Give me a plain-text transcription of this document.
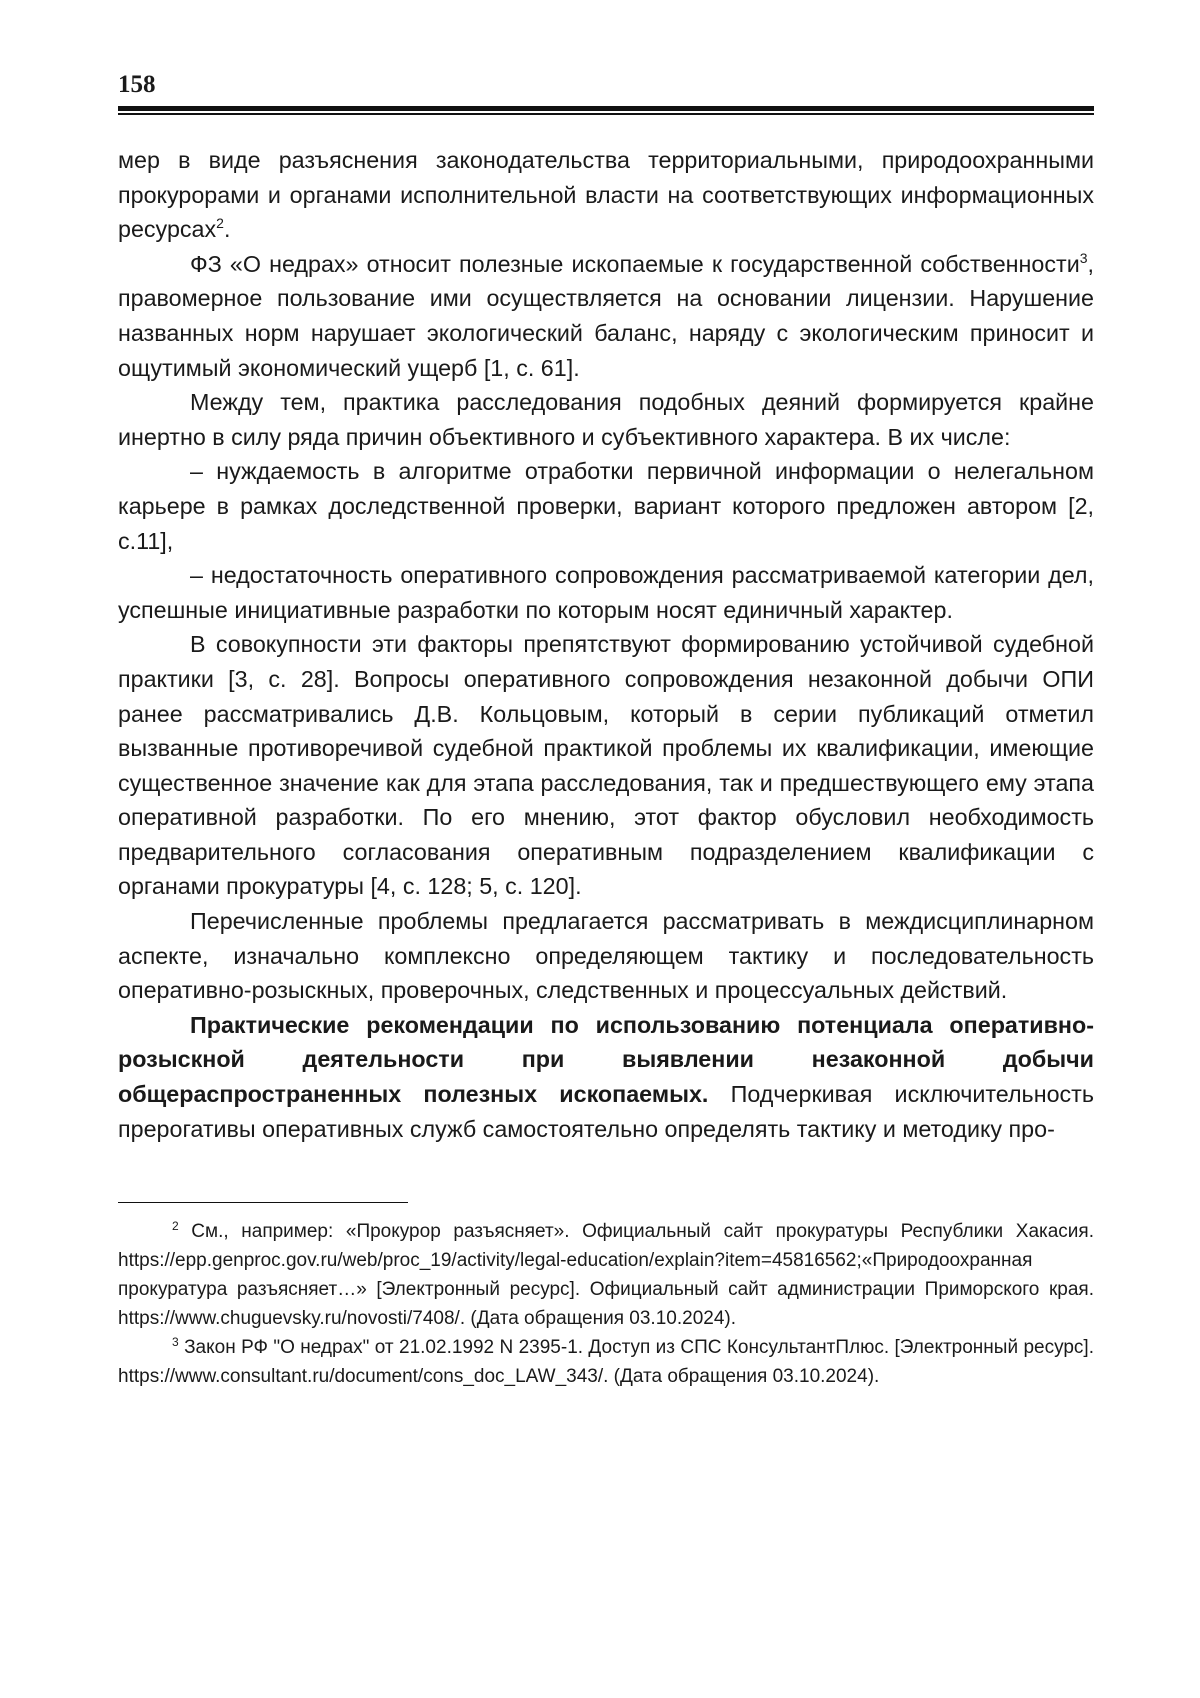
158

мер в виде разъяснения законодательства территориальными, природоохранными прокурорами и органами исполнительной власти на соответствующих информационных ресурсах$^2$.

ФЗ «О недрах» относит полезные ископаемые к государственной собственности$^3$, правомерное пользование ими осуществляется на основании лицензии. Нарушение названных норм нарушает экологический баланс, наряду с экологическим приносит и ощутимый экономический ущерб [1, с. 61].

Между тем, практика расследования подобных деяний формируется крайне инертно в силу ряда причин объективного и субъективного характера. В их числе:

– нуждаемость в алгоритме отработки первичной информации о нелегальном карьере в рамках доследственной проверки, вариант которого предложен автором [2, с.11],

– недостаточность оперативного сопровождения рассматриваемой категории дел, успешные инициативные разработки по которым носят единичный характер.

В совокупности эти факторы препятствуют формированию устойчивой судебной практики [3, с. 28]. Вопросы оперативного сопровождения незаконной добычи ОПИ ранее рассматривались Д.В. Кольцовым, который в серии публикаций отметил вызванные противоречивой судебной практикой проблемы их квалификации, имеющие существенное значение как для этапа расследования, так и предшествующего ему этапа оперативной разработки. По его мнению, этот фактор обусловил необходимость предварительного согласования оперативным подразделением квалификации с органами прокуратуры [4, с. 128; 5, с. 120].

Перечисленные проблемы предлагается рассматривать в междисциплинарном аспекте, изначально комплексно определяющем тактику и последовательность оперативно-розыскных, проверочных, следственных и процессуальных действий.

Практические рекомендации по использованию потенциала оперативно-розыскной деятельности при выявлении незаконной добычи общераспространенных полезных ископаемых. Подчеркивая исключительность прерогативы оперативных служб самостоятельно определять тактику и методику про-

$^2$ См., например: «Прокурор разъясняет». Официальный сайт прокуратуры Республики Хакасия. https://epp.genproc.gov.ru/web/proc_19/activity/legal-education/explain?item=45816562;«Природоохранная прокуратура разъясняет…» [Электронный ресурс]. Официальный сайт администрации Приморского края. https://www.chuguevsky.ru/novosti/7408/. (Дата обращения 03.10.2024).

$^3$ Закон РФ "О недрах" от 21.02.1992 N 2395-1. Доступ из СПС КонсультантПлюс. [Электронный ресурс]. https://www.consultant.ru/document/cons_doc_LAW_343/. (Дата обращения 03.10.2024).
